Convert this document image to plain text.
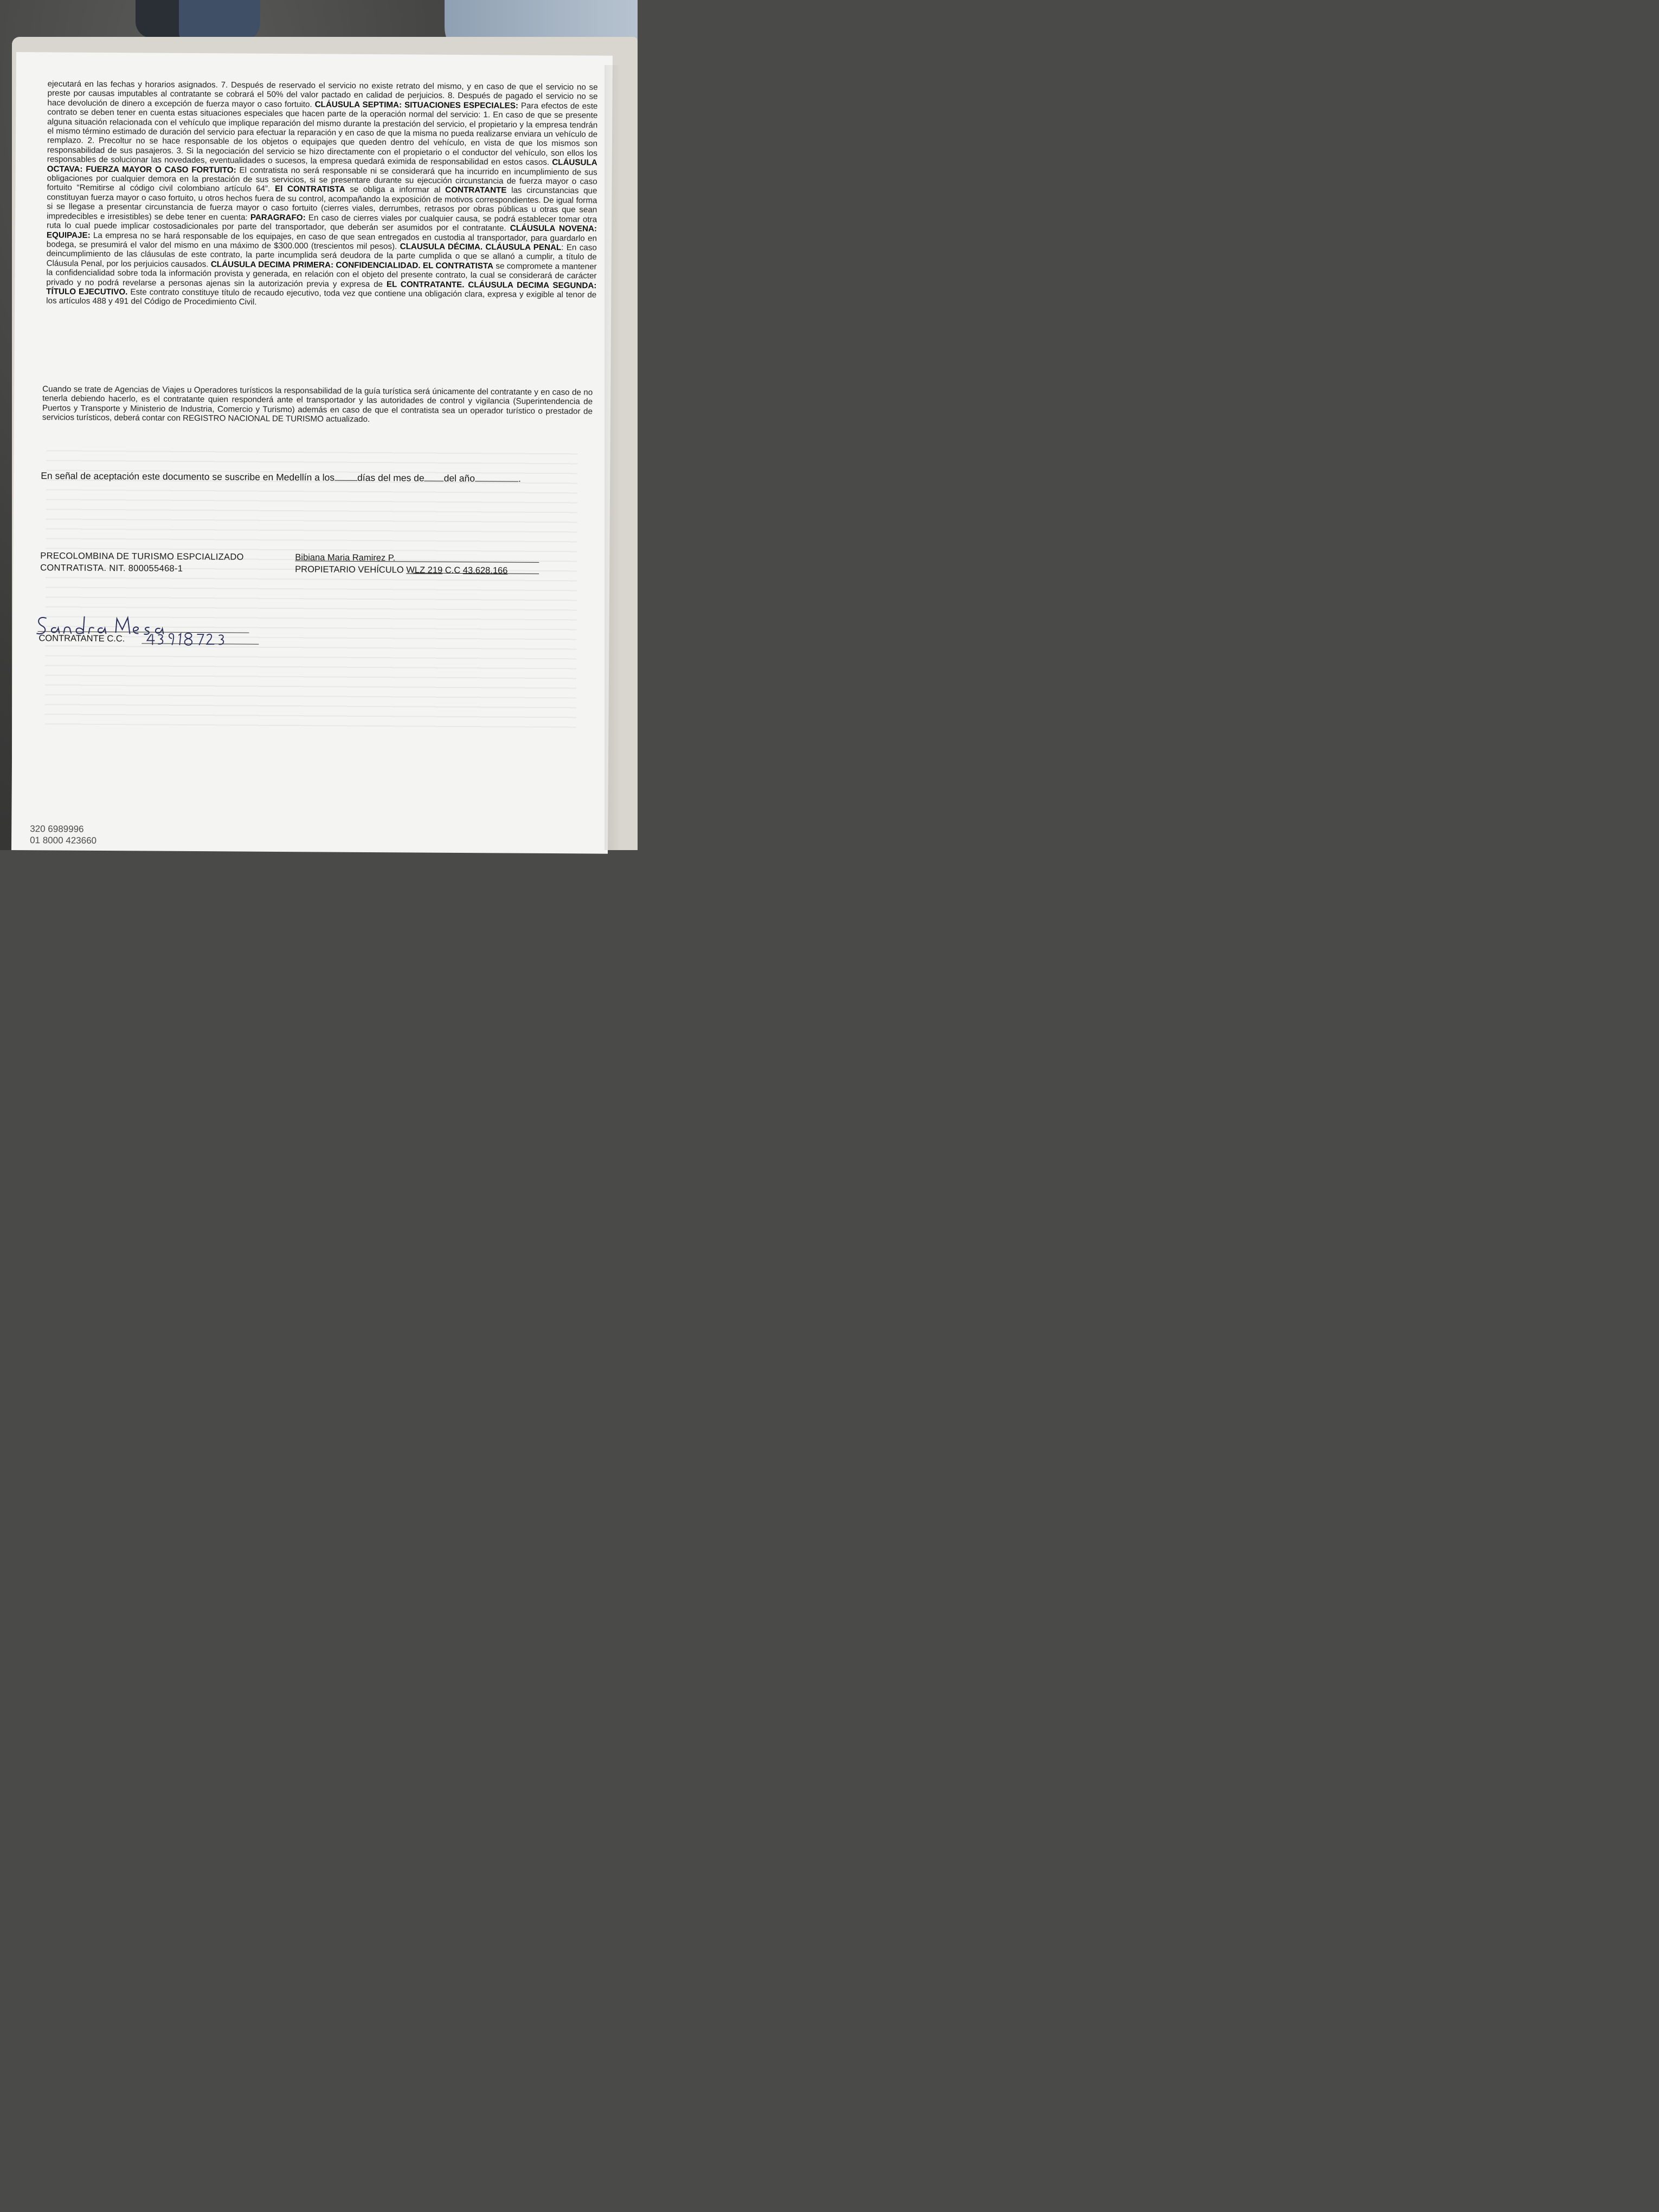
ejecutará en las fechas y horarios asignados. 7. Después de reservado el servicio no existe retrato del mismo, y en caso de que el servicio no se preste por causas imputables al contratante se cobrará el 50% del valor pactado en calidad de perjuicios. 8. Después de pagado el servicio no se hace devolución de dinero a excepción de fuerza mayor o caso fortuito. CLÁUSULA SEPTIMA: SITUACIONES ESPECIALES: Para efectos de este contrato se deben tener en cuenta estas situaciones especiales que hacen parte de la operación normal del servicio: 1. En caso de que se presente alguna situación relacionada con el vehículo que implique reparación del mismo durante la prestación del servicio, el propietario y la empresa tendrán el mismo término estimado de duración del servicio para efectuar la reparación y en caso de que la misma no pueda realizarse enviara un vehículo de remplazo. 2. Precoltur no se hace responsable de los objetos o equipajes que queden dentro del vehículo, en vista de que los mismos son responsabilidad de sus pasajeros. 3. Si la negociación del servicio se hizo directamente con el propietario o el conductor del vehículo, son ellos los responsables de solucionar las novedades, eventualidades o sucesos, la empresa quedará eximida de responsabilidad en estos casos. CLÁUSULA OCTAVA: FUERZA MAYOR O CASO FORTUITO: El contratista no será responsable ni se considerará que ha incurrido en incumplimiento de sus obligaciones por cualquier demora en la prestación de sus servicios, si se presentare durante su ejecución circunstancia de fuerza mayor o caso fortuito “Remitirse al código civil colombiano artículo 64”. El CONTRATISTA se obliga a informar al CONTRATANTE las circunstancias que constituyan fuerza mayor o caso fortuito, u otros hechos fuera de su control, acompañando la exposición de motivos correspondientes. De igual forma si se llegase a presentar circunstancia de fuerza mayor o caso fortuito (cierres viales, derrumbes, retrasos por obras públicas u otras que sean impredecibles e irresistibles) se debe tener en cuenta: PARAGRAFO: En caso de cierres viales por cualquier causa, se podrá establecer tomar otra ruta lo cual puede implicar costosadicionales por parte del transportador, que deberán ser asumidos por el contratante. CLÁUSULA NOVENA: EQUIPAJE: La empresa no se hará responsable de los equipajes, en caso de que sean entregados en custodia al transportador, para guardarlo en bodega, se presumirá el valor del mismo en una máximo de $300.000 (trescientos mil pesos). CLAUSULA DÉCIMA. CLÁUSULA PENAL: En caso deincumplimiento de las cláusulas de este contrato, la parte incumplida será deudora de la parte cumplida o que se allanó a cumplir, a título de Cláusula Penal, por los perjuicios causados. CLÁUSULA DECIMA PRIMERA: CONFIDENCIALIDAD. EL CONTRATISTA se compromete a mantener la confidencialidad sobre toda la información provista y generada, en relación con el objeto del presente contrato, la cual se considerará de carácter privado y no podrá revelarse a personas ajenas sin la autorización previa y expresa de EL CONTRATANTE. CLÁUSULA DECIMA SEGUNDA: TÍTULO EJECUTIVO. Este contrato constituye título de recaudo ejecutivo, toda vez que contiene una obligación clara, expresa y exigible al tenor de los artículos 488 y 491 del Código de Procedimiento Civil.
Cuando se trate de Agencias de Viajes u Operadores turísticos la responsabilidad de la guía turística será únicamente del contratante y en caso de no tenerla debiendo hacerlo, es el contratante quien responderá ante el transportador y las autoridades de control y vigilancia (Superintendencia de Puertos y Transporte y Ministerio de Industria, Comercio y Turismo) además en caso de que el contratista sea un operador turístico o prestador de servicios turísticos, deberá contar con REGISTRO NACIONAL DE TURISMO actualizado.
En señal de aceptación este documento se suscribe en Medellín a los días del mes de del año	.
PRECOLOMBINA DE TURISMO ESPCIALIZADO
CONTRATISTA. NIT. 800055468-1
Bibiana Maria Ramirez P.
PROPIETARIO VEHÍCULO WLZ 219 C.C 43.628.166
CONTRATANTE C.C.
320 6989996
01 8000 423660
